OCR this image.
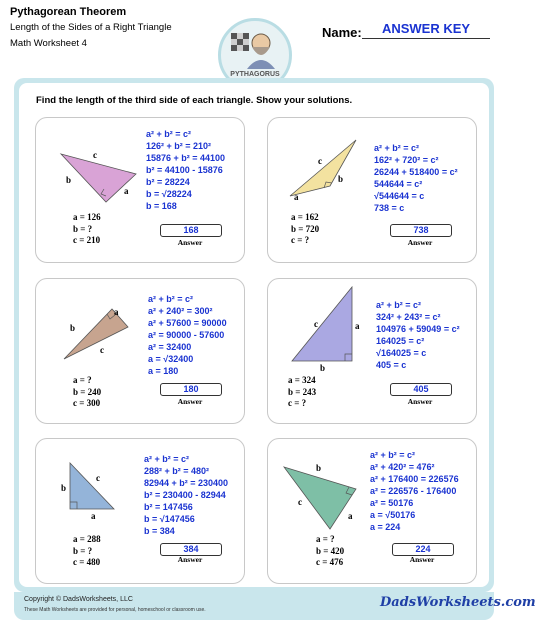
Pythagorean Theorem
Length of the Sides of a Right Triangle
Math Worksheet 4
PYTHAGORUS
Name:	ANSWER KEY
Find the length of the third side of each triangle. Show your solutions.
c
b
a
a = 126
b = ?
c = 210
a² + b² = c²
126² + b² = 210²
15876 + b² = 44100
b² = 44100 - 15876
b² = 28224
b = √28224
b = 168
168
Answer
c
b
a
a = 162
b = 720
c = ?
a² + b² = c²
162² + 720² = c²
26244 + 518400 = c²
544644 = c²
√544644 = c
738 = c
738
Answer
a
b
c
a = ?
b = 240
c = 300
a² + b² = c²
a² + 240² = 300²
a² + 57600 = 90000
a² = 90000 - 57600
a² = 32400
a = √32400
a = 180
180
Answer
c	a
b
a = 324
b = 243
c = ?
a² + b² = c²
324² + 243² = c²
104976 + 59049 = c²
164025 = c²
√164025 = c
405 = c
405
Answer
c
b
a
a = 288
b = ?
c = 480
a² + b² = c²
288² + b² = 480²
82944 + b² = 230400
b² = 230400 - 82944
b² = 147456
b = √147456
b = 384
384
Answer
b
c
a
a = ?
b = 420
c = 476
a² + b² = c²
a² + 420² = 476²
a² + 176400 = 226576
a² = 226576 - 176400
a² = 50176
a = √50176
a = 224
224
Answer
Copyright © DadsWorksheets, LLC
These Math Worksheets are provided for personal, homeschool or classroom use.	DadsWorksheets.com
